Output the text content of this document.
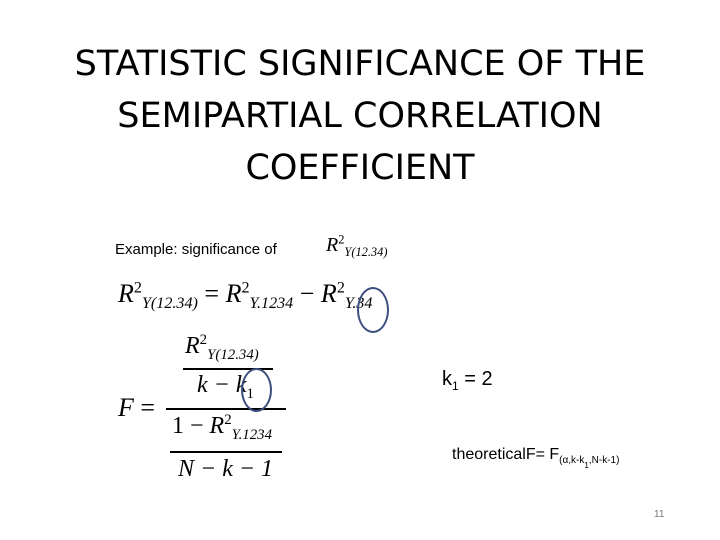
STATISTIC SIGNIFICANCE OF THE
SEMIPARTIAL CORRELATION
COEFFICIENT
Example: significance of $R^2_{Y(12.34)}$
$R^2_{Y(12.34)} = R^2_{Y.1234} - R^2_{Y.34}$
F =
$R^2_{Y(12.34)}$
$k - k_1$
$1 - R^2_{Y.1234}$
N − k − 1
$k_1 = 2$
theoreticalF= $F_{(\alpha,k-k_1,N-k-1)}$
11
